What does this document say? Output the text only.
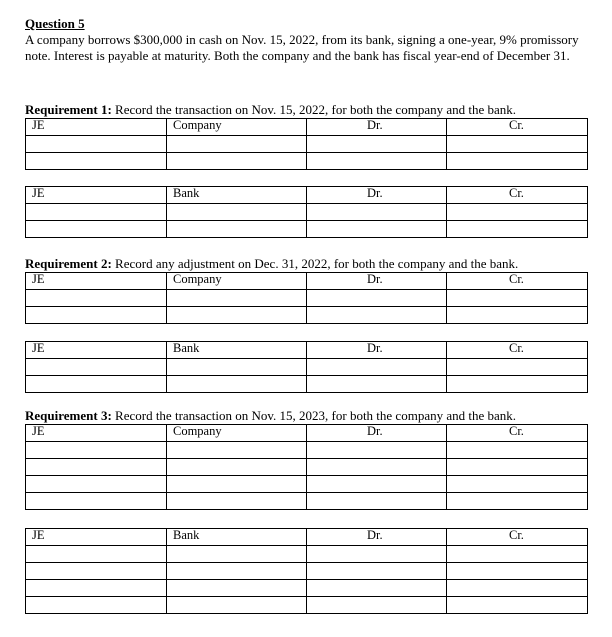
Question 5
A company borrows $300,000 in cash on Nov. 15, 2022, from its bank, signing a one-year, 9% promissory note. Interest is payable at maturity. Both the company and the bank has fiscal year-end of December 31.
Requirement 1: Record the transaction on Nov. 15, 2022, for both the company and the bank.
JE	Company	Dr.	Cr.

JE	Bank	Dr.	Cr.

Requirement 2: Record any adjustment on Dec. 31, 2022, for both the company and the bank.
JE	Company	Dr.	Cr.

JE	Bank	Dr.	Cr.

Requirement 3: Record the transaction on Nov. 15, 2023, for both the company and the bank.
JE	Company	Dr.	Cr.

JE	Bank	Dr.	Cr.
